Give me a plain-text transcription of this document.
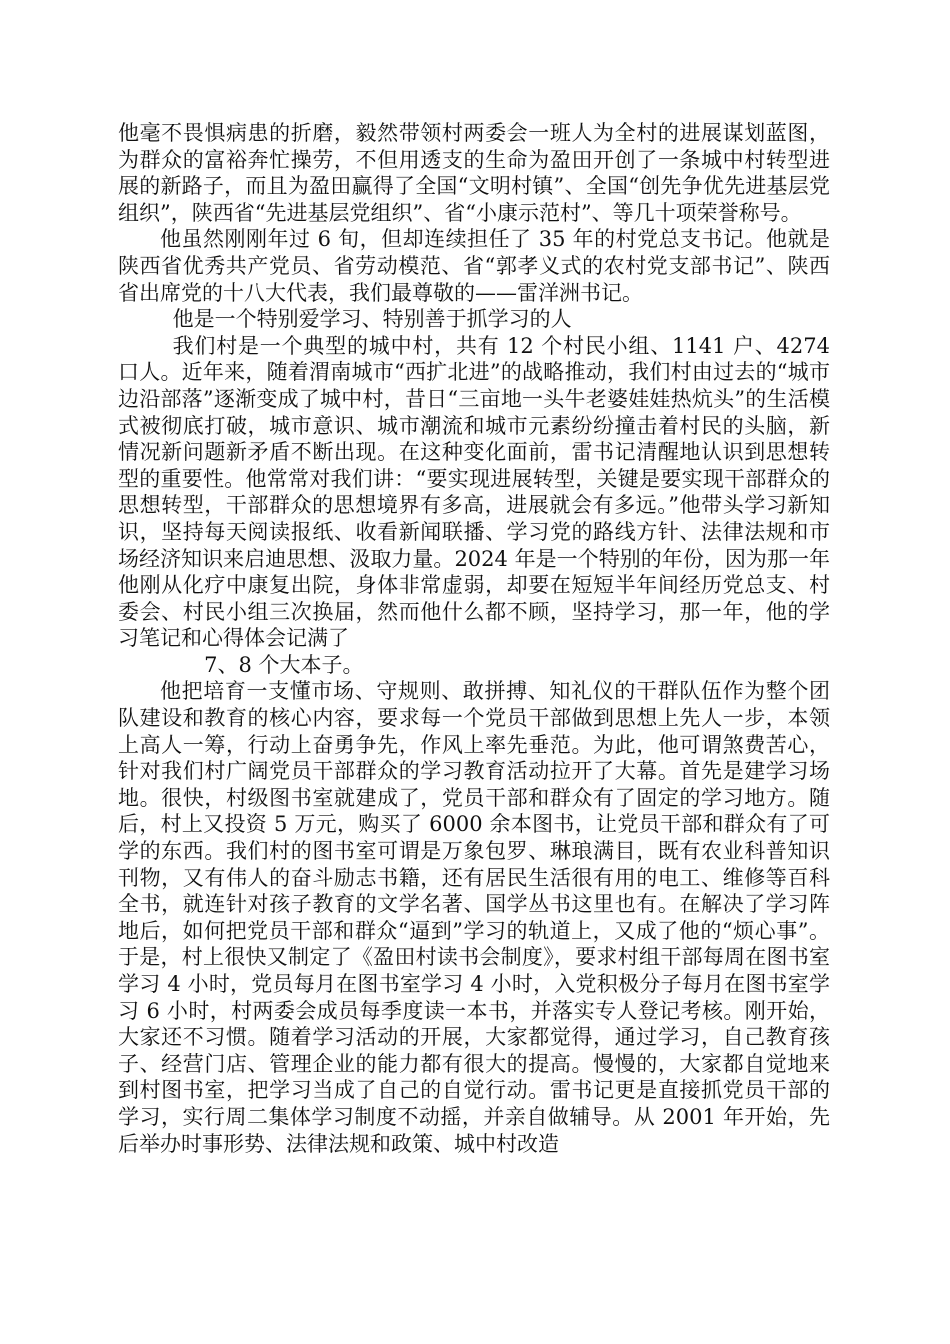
他毫不畏惧病患的折磨，毅然带领村两委会一班人为全村的进展谋划蓝图，为群众的富裕奔忙操劳，不但用透支的生命为盈田开创了一条城中村转型进展的新路子，而且为盈田赢得了全国“文明村镇”、全国“创先争优先进基层党组织”，陕西省“先进基层党组织”、省“小康示范村”、等几十项荣誉称号。

他虽然刚刚年过 6 旬，但却连续担任了 35 年的村党总支书记。他就是陕西省优秀共产党员、省劳动模范、省“郭孝义式的农村党支部书记”、陕西省出席党的十八大代表，我们最尊敬的——雷洋洲书记。

他是一个特别爱学习、特别善于抓学习的人

我们村是一个典型的城中村，共有 12 个村民小组、1141 户、4274 口人。近年来，随着渭南城市“西扩北进”的战略推动，我们村由过去的“城市边沿部落”逐渐变成了城中村，昔日“三亩地一头牛老婆娃娃热炕头”的生活模式被彻底打破，城市意识、城市潮流和城市元素纷纷撞击着村民的头脑，新情况新问题新矛盾不断出现。在这种变化面前，雷书记清醒地认识到思想转型的重要性。他常常对我们讲：“要实现进展转型，关键是要实现干部群众的思想转型，干部群众的思想境界有多高，进展就会有多远。”他带头学习新知识，坚持每天阅读报纸、收看新闻联播、学习党的路线方针、法律法规和市场经济知识来启迪思想、汲取力量。2024 年是一个特别的年份，因为那一年他刚从化疗中康复出院，身体非常虚弱，却要在短短半年间经历党总支、村委会、村民小组三次换届，然而他什么都不顾，坚持学习，那一年，他的学习笔记和心得体会记满了

7、8 个大本子。

他把培育一支懂市场、守规则、敢拼搏、知礼仪的干群队伍作为整个团队建设和教育的核心内容，要求每一个党员干部做到思想上先人一步，本领上高人一筹，行动上奋勇争先，作风上率先垂范。为此，他可谓煞费苦心，针对我们村广阔党员干部群众的学习教育活动拉开了大幕。首先是建学习场地。很快，村级图书室就建成了，党员干部和群众有了固定的学习地方。随后，村上又投资 5 万元，购买了 6000 余本图书，让党员干部和群众有了可学的东西。我们村的图书室可谓是万象包罗、琳琅满目，既有农业科普知识刊物，又有伟人的奋斗励志书籍，还有居民生活很有用的电工、维修等百科全书，就连针对孩子教育的文学名著、国学丛书这里也有。在解决了学习阵地后，如何把党员干部和群众“逼到”学习的轨道上，又成了他的“烦心事”。于是，村上很快又制定了《盈田村读书会制度》，要求村组干部每周在图书室学习 4 小时，党员每月在图书室学习 4 小时，入党积极分子每月在图书室学习 6 小时，村两委会成员每季度读一本书，并落实专人登记考核。刚开始，大家还不习惯。随着学习活动的开展，大家都觉得，通过学习，自己教育孩子、经营门店、管理企业的能力都有很大的提高。慢慢的，大家都自觉地来到村图书室，把学习当成了自己的自觉行动。雷书记更是直接抓党员干部的学习，实行周二集体学习制度不动摇，并亲自做辅导。从 2001 年开始，先后举办时事形势、法律法规和政策、城中村改造
